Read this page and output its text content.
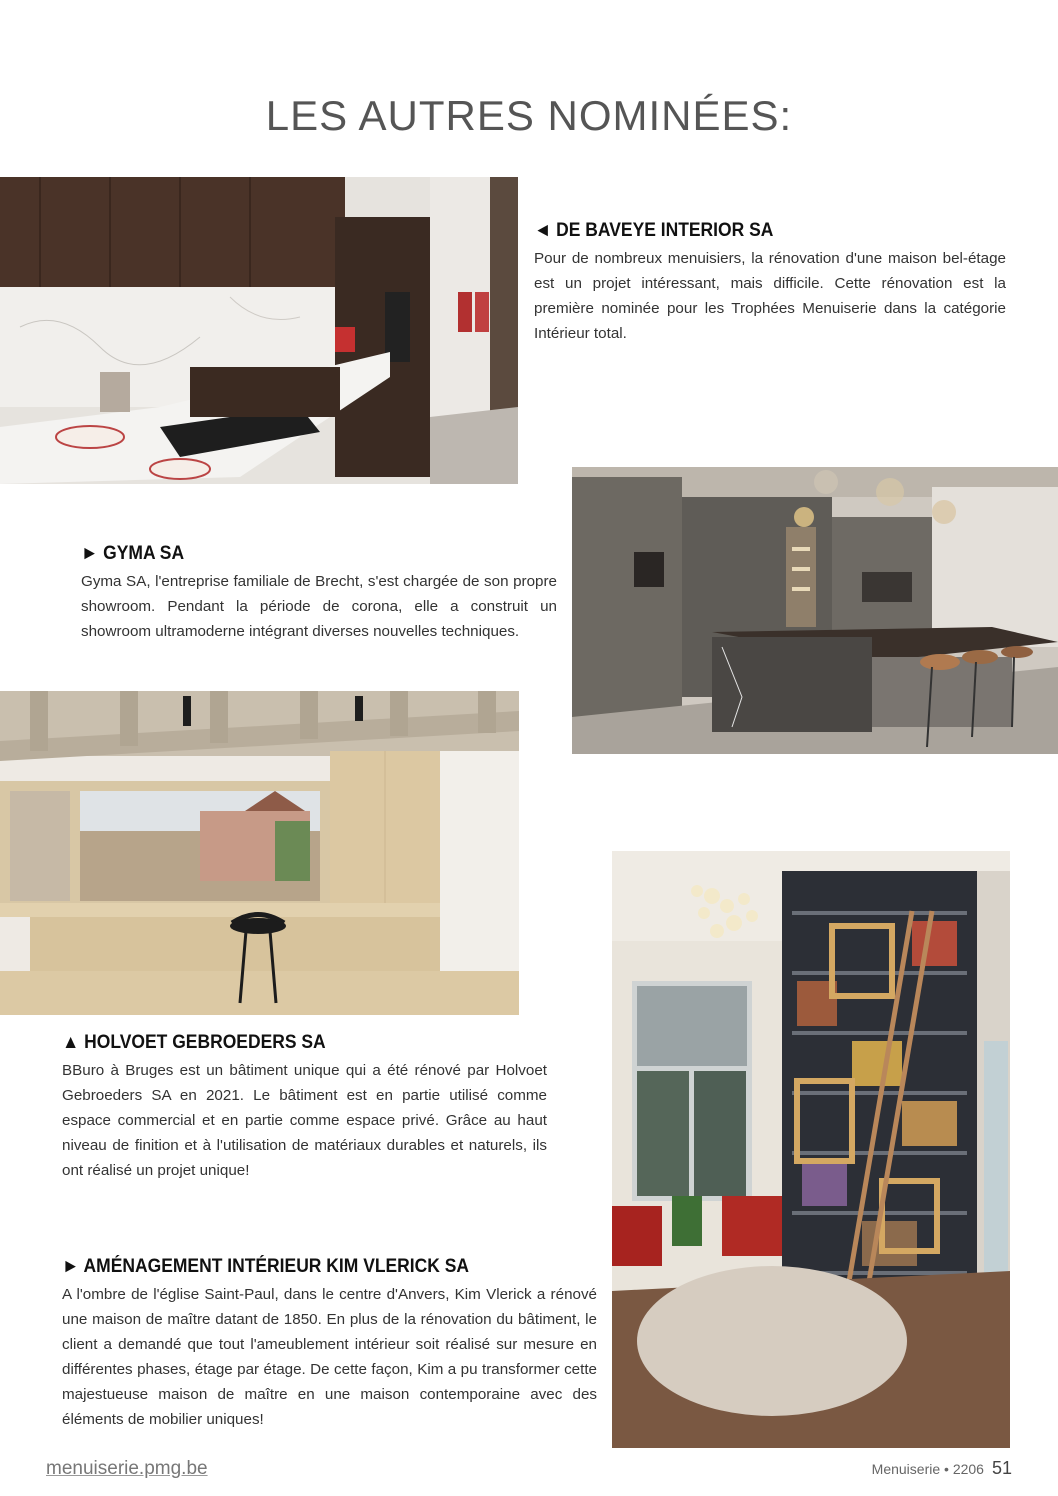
LES AUTRES NOMINÉES:
◄ DE BAVEYE INTERIOR SA

Pour de nombreux menuisiers, la rénovation d'une maison bel-étage est un projet intéressant, mais difficile. Cette rénovation est la première nominée pour les Trophées Menuiserie dans la catégorie Intérieur total.

► GYMA SA

Gyma SA, l'entreprise familiale de Brecht, s'est chargée de son propre showroom. Pendant la période de corona, elle a construit un showroom ultramoderne intégrant diverses nouvelles techniques.

▲ HOLVOET GEBROEDERS SA

BBuro à Bruges est un bâtiment unique qui a été rénové par Holvoet Gebroeders SA en 2021. Le bâtiment est en partie utilisé comme espace commercial et en partie comme espace privé. Grâce au haut niveau de finition et à l'utilisation de matériaux durables et naturels, ils ont réalisé un projet unique!

► AMÉNAGEMENT INTÉRIEUR KIM VLERICK SA

A l'ombre de l'église Saint-Paul, dans le centre d'Anvers, Kim Vlerick a rénové une maison de maître datant de 1850. En plus de la rénovation du bâtiment, le client a demandé que tout l'ameublement intérieur soit réalisé sur mesure en différentes phases, étage par étage. De cette façon, Kim a pu transformer cette majestueuse maison de maître en une maison contemporaine avec des éléments de mobilier uniques!

menuiserie.pmg.be	Menuiserie • 2206 51
